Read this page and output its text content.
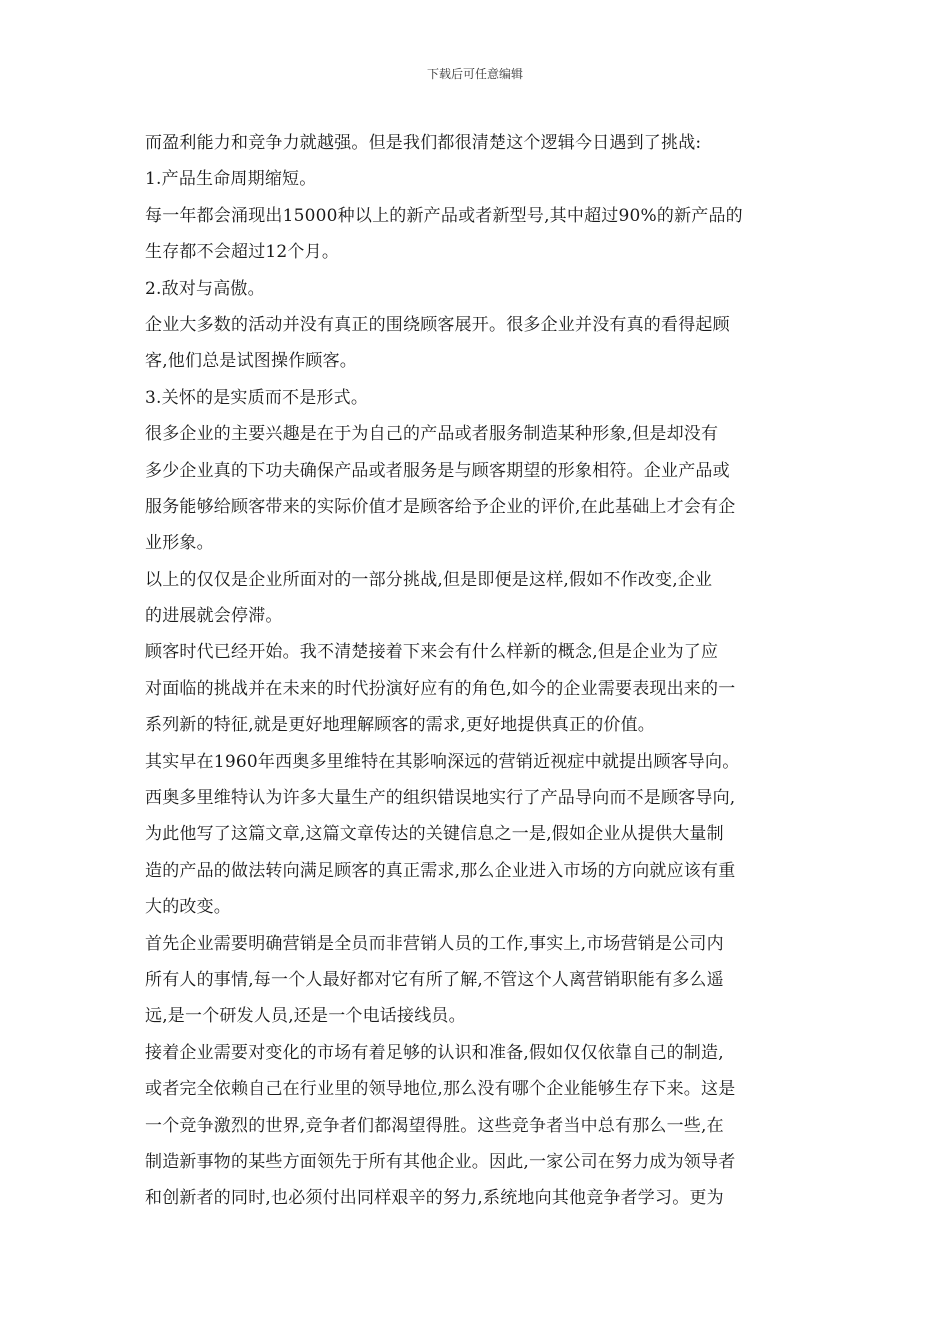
下载后可任意编辑
而盈利能力和竞争力就越强。但是我们都很清楚这个逻辑今日遇到了挑战:
1.产品生命周期缩短。
每一年都会涌现出15000种以上的新产品或者新型号,其中超过90%的新产品的
生存都不会超过12个月。
2.敌对与高傲。
企业大多数的活动并没有真正的围绕顾客展开。很多企业并没有真的看得起顾
客,他们总是试图操作顾客。
3.关怀的是实质而不是形式。
很多企业的主要兴趣是在于为自己的产品或者服务制造某种形象,但是却没有
多少企业真的下功夫确保产品或者服务是与顾客期望的形象相符。企业产品或
服务能够给顾客带来的实际价值才是顾客给予企业的评价,在此基础上才会有企
业形象。
以上的仅仅是企业所面对的一部分挑战,但是即便是这样,假如不作改变,企业
的进展就会停滞。
顾客时代已经开始。我不清楚接着下来会有什么样新的概念,但是企业为了应
对面临的挑战并在未来的时代扮演好应有的角色,如今的企业需要表现出来的一
系列新的特征,就是更好地理解顾客的需求,更好地提供真正的价值。
其实早在1960年西奥多里维特在其影响深远的营销近视症中就提出顾客导向。
西奥多里维特认为许多大量生产的组织错误地实行了产品导向而不是顾客导向,
为此他写了这篇文章,这篇文章传达的关键信息之一是,假如企业从提供大量制
造的产品的做法转向满足顾客的真正需求,那么企业进入市场的方向就应该有重
大的改变。
首先企业需要明确营销是全员而非营销人员的工作,事实上,市场营销是公司内
所有人的事情,每一个人最好都对它有所了解,不管这个人离营销职能有多么遥
远,是一个研发人员,还是一个电话接线员。
接着企业需要对变化的市场有着足够的认识和准备,假如仅仅依靠自己的制造,
或者完全依赖自己在行业里的领导地位,那么没有哪个企业能够生存下来。这是
一个竞争激烈的世界,竞争者们都渴望得胜。这些竞争者当中总有那么一些,在
制造新事物的某些方面领先于所有其他企业。因此,一家公司在努力成为领导者
和创新者的同时,也必须付出同样艰辛的努力,系统地向其他竞争者学习。更为
